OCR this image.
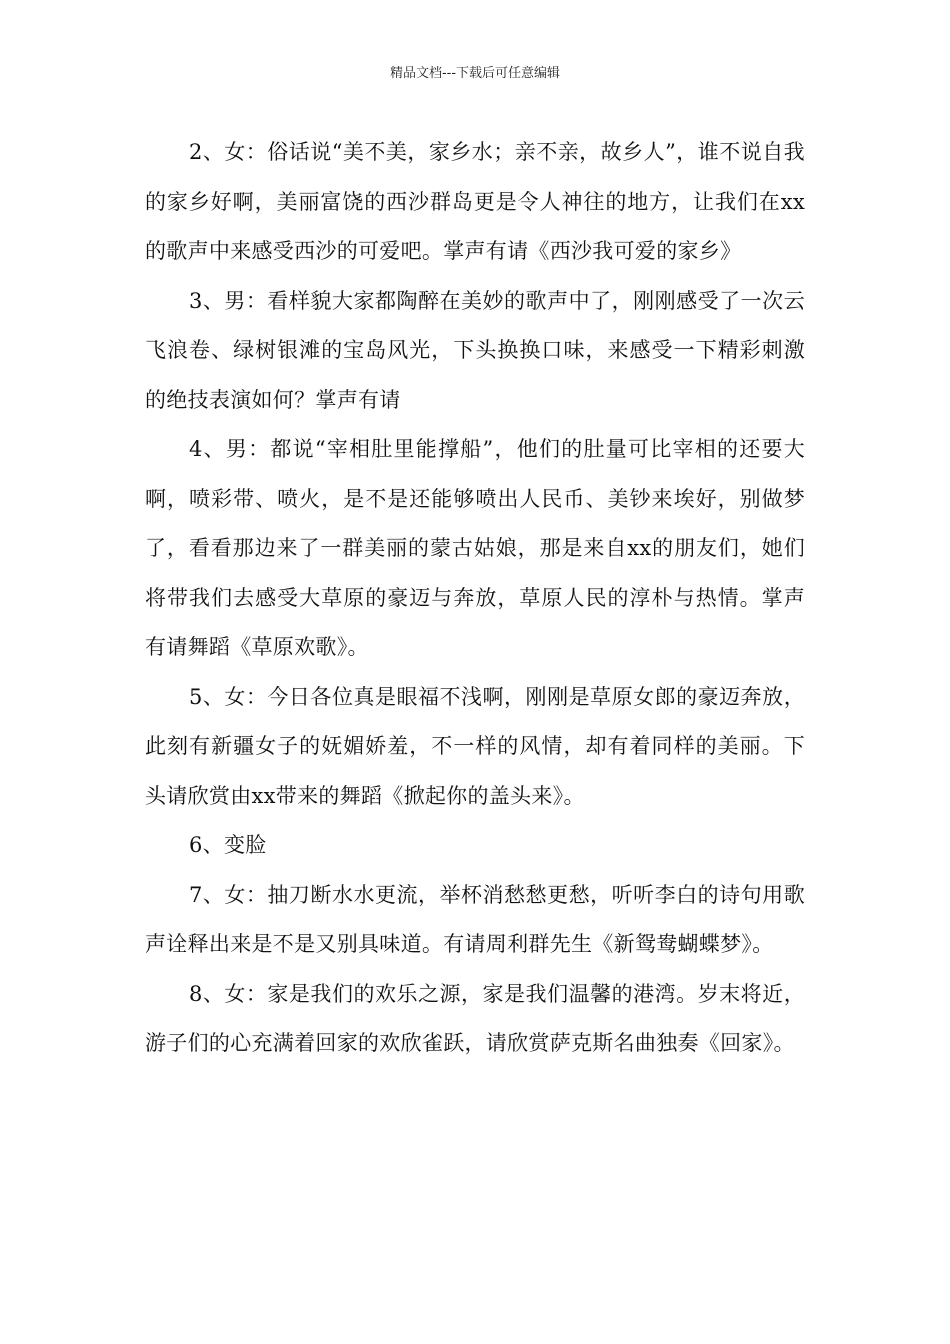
精品文档---下载后可任意编辑

2、女：俗话说“美不美，家乡水；亲不亲，故乡人”，谁不说自我的家乡好啊，美丽富饶的西沙群岛更是令人神往的地方，让我们在xx的歌声中来感受西沙的可爱吧。掌声有请《西沙我可爱的家乡》

3、男：看样貌大家都陶醉在美妙的歌声中了，刚刚感受了一次云飞浪卷、绿树银滩的宝岛风光，下头换换口味，来感受一下精彩刺激的绝技表演如何？掌声有请

4、男：都说“宰相肚里能撑船”，他们的肚量可比宰相的还要大啊，喷彩带、喷火，是不是还能够喷出人民币、美钞来埃好，别做梦了，看看那边来了一群美丽的蒙古姑娘，那是来自xx的朋友们，她们将带我们去感受大草原的豪迈与奔放，草原人民的淳朴与热情。掌声有请舞蹈《草原欢歌》。

5、女：今日各位真是眼福不浅啊，刚刚是草原女郎的豪迈奔放，此刻有新疆女子的妩媚娇羞，不一样的风情，却有着同样的美丽。下头请欣赏由xx带来的舞蹈《掀起你的盖头来》。

6、变脸

7、女：抽刀断水水更流，举杯消愁愁更愁，听听李白的诗句用歌声诠释出来是不是又别具味道。有请周利群先生《新鸳鸯蝴蝶梦》。

8、女：家是我们的欢乐之源，家是我们温馨的港湾。岁末将近，游子们的心充满着回家的欢欣雀跃，请欣赏萨克斯名曲独奏《回家》。
